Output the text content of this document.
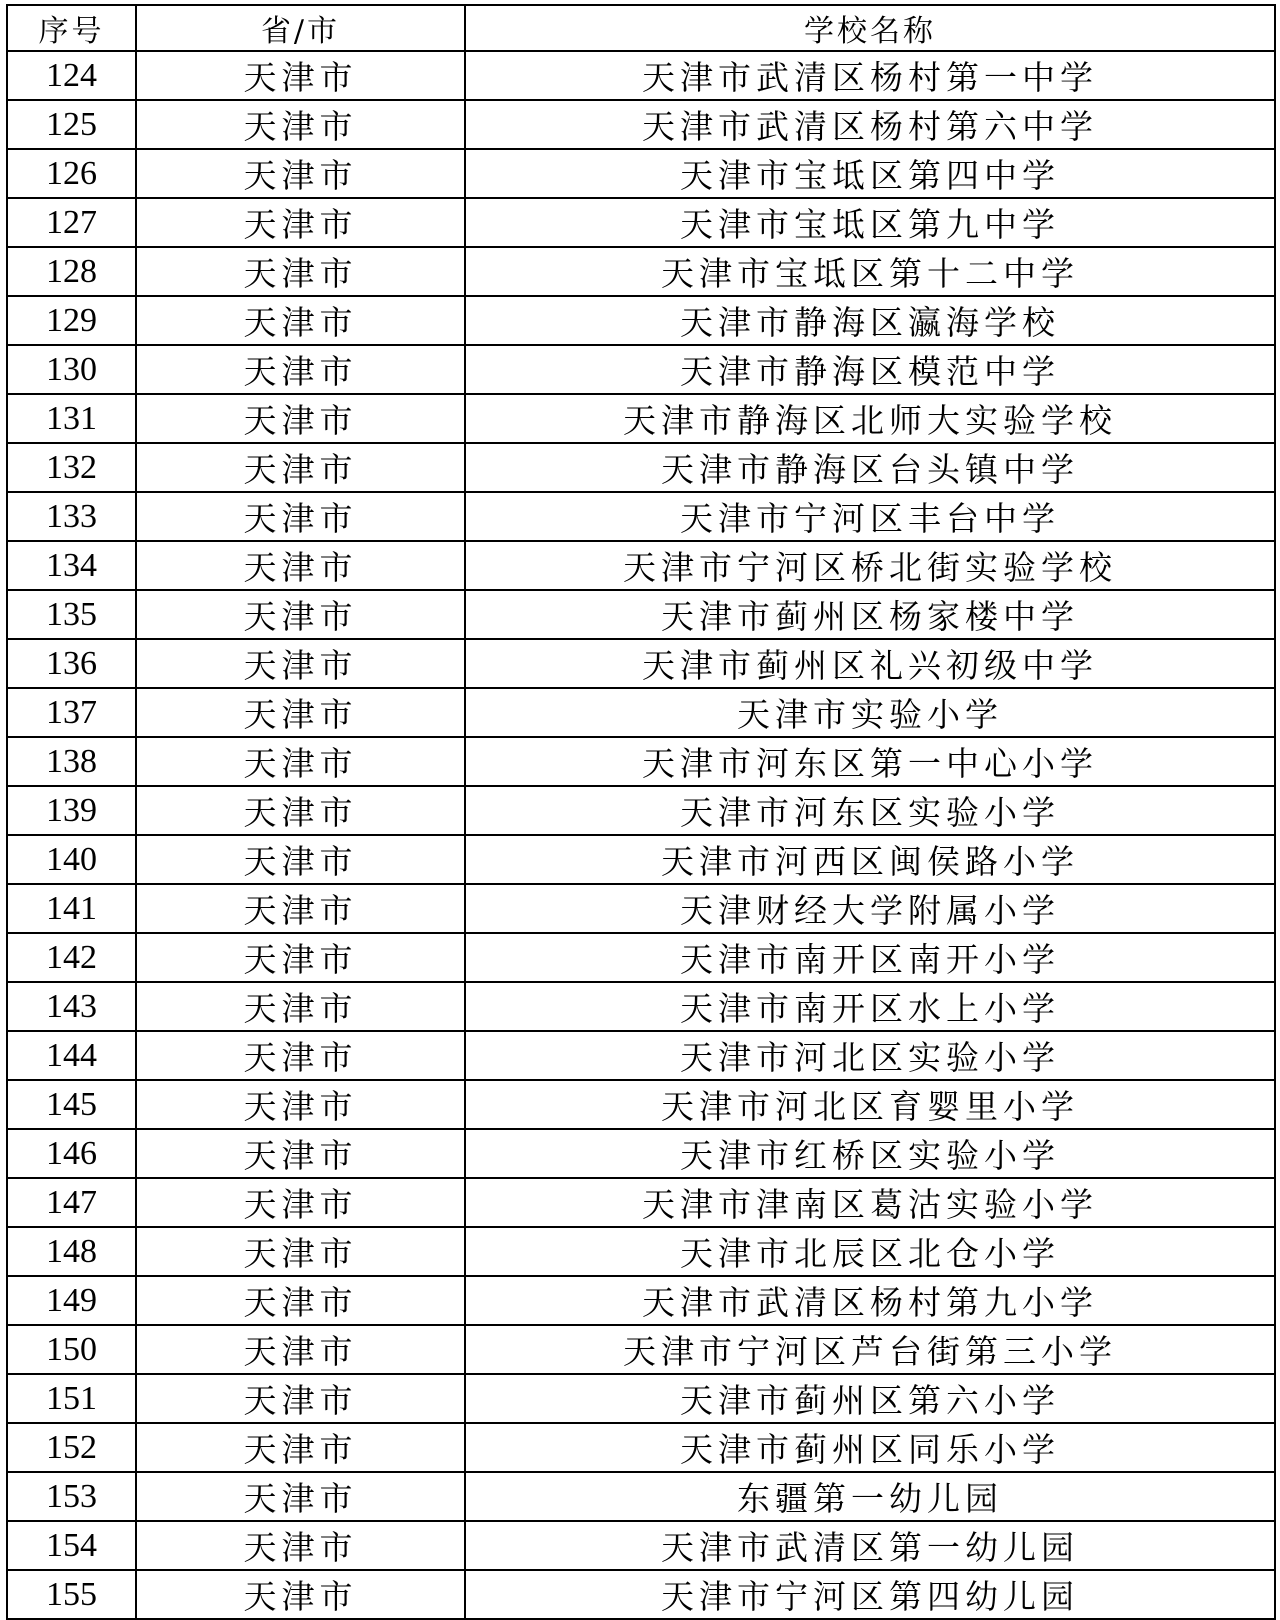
序号	省/市	学校名称
124	天津市	天津市武清区杨村第一中学
125	天津市	天津市武清区杨村第六中学
126	天津市	天津市宝坻区第四中学
127	天津市	天津市宝坻区第九中学
128	天津市	天津市宝坻区第十二中学
129	天津市	天津市静海区瀛海学校
130	天津市	天津市静海区模范中学
131	天津市	天津市静海区北师大实验学校
132	天津市	天津市静海区台头镇中学
133	天津市	天津市宁河区丰台中学
134	天津市	天津市宁河区桥北街实验学校
135	天津市	天津市蓟州区杨家楼中学
136	天津市	天津市蓟州区礼兴初级中学
137	天津市	天津市实验小学
138	天津市	天津市河东区第一中心小学
139	天津市	天津市河东区实验小学
140	天津市	天津市河西区闽侯路小学
141	天津市	天津财经大学附属小学
142	天津市	天津市南开区南开小学
143	天津市	天津市南开区水上小学
144	天津市	天津市河北区实验小学
145	天津市	天津市河北区育婴里小学
146	天津市	天津市红桥区实验小学
147	天津市	天津市津南区葛沽实验小学
148	天津市	天津市北辰区北仓小学
149	天津市	天津市武清区杨村第九小学
150	天津市	天津市宁河区芦台街第三小学
151	天津市	天津市蓟州区第六小学
152	天津市	天津市蓟州区同乐小学
153	天津市	东疆第一幼儿园
154	天津市	天津市武清区第一幼儿园
155	天津市	天津市宁河区第四幼儿园
